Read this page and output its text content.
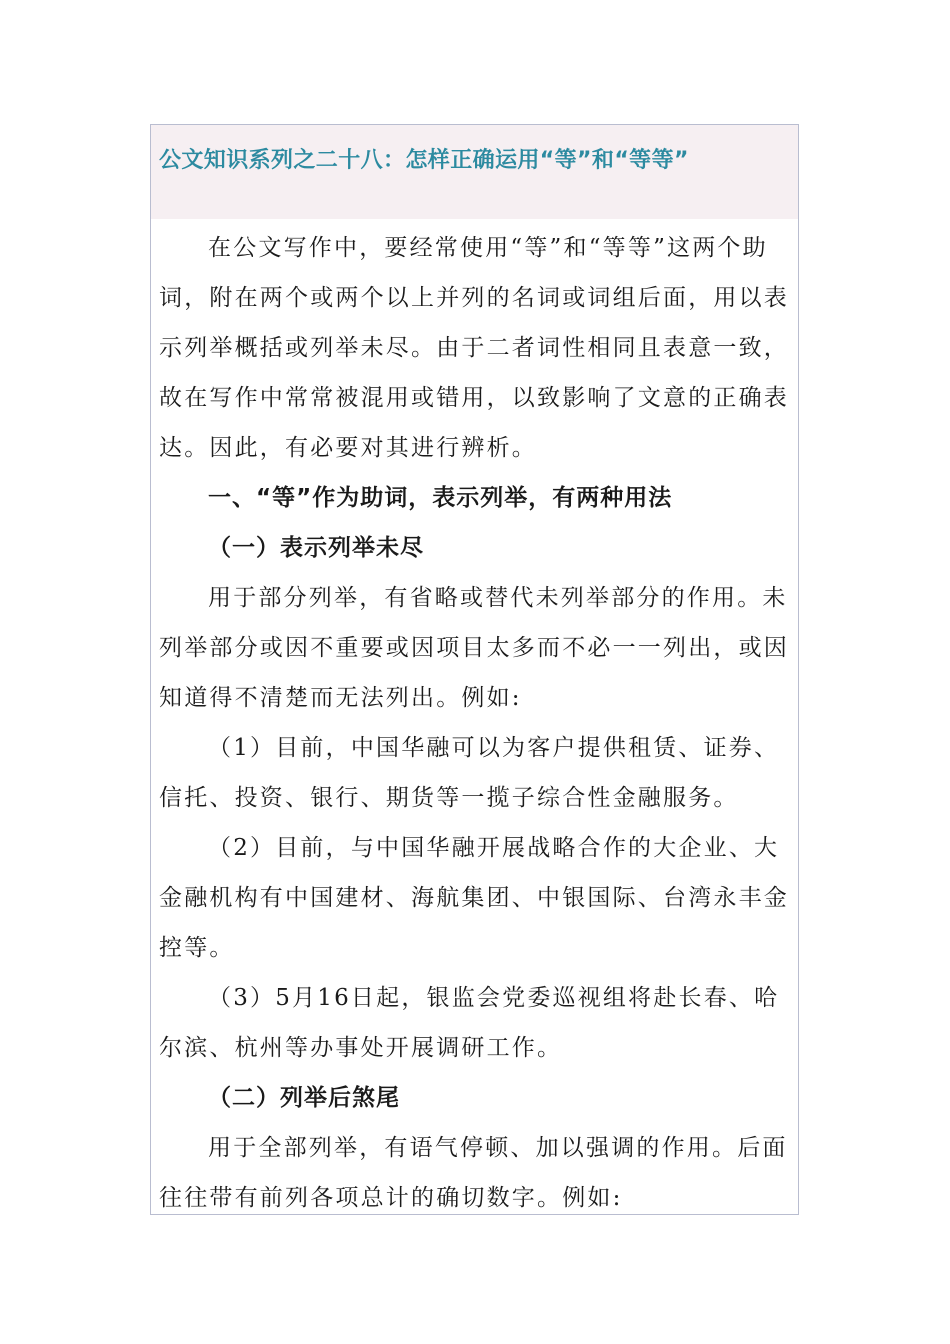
公文知识系列之二十八：怎样正确运用“等”和“等等”

在公文写作中，要经常使用“等”和“等等”这两个助词，附在两个或两个以上并列的名词或词组后面，用以表示列举概括或列举未尽。由于二者词性相同且表意一致，故在写作中常常被混用或错用，以致影响了文意的正确表达。因此，有必要对其进行辨析。

一、“等”作为助词，表示列举，有两种用法

（一）表示列举未尽

用于部分列举，有省略或替代未列举部分的作用。未列举部分或因不重要或因项目太多而不必一一列出，或因知道得不清楚而无法列出。例如:

（1）目前，中国华融可以为客户提供租赁、证券、信托、投资、银行、期货等一揽子综合性金融服务。

（2）目前，与中国华融开展战略合作的大企业、大金融机构有中国建材、海航集团、中银国际、台湾永丰金控等。

（3）5月16日起，银监会党委巡视组将赴长春、哈尔滨、杭州等办事处开展调研工作。

（二）列举后煞尾

用于全部列举，有语气停顿、加以强调的作用。后面往往带有前列各项总计的确切数字。例如:
